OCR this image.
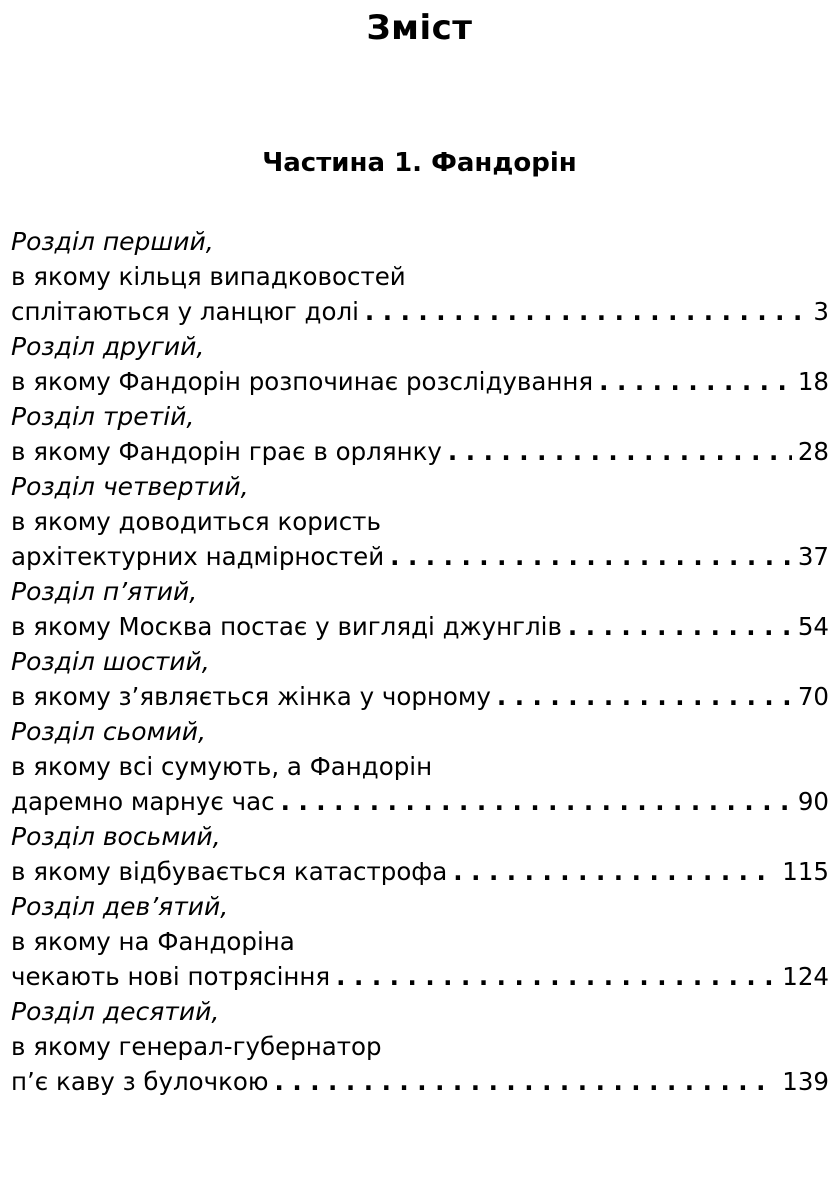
Зміст
Частина 1. Фандорін
Розділ перший,
в якому кільця випадковостей
сплітаються у ланцюг долі . . .	3
Розділ другий,
в якому Фандорін розпочинає розслідування . . .	18
Розділ третій,
в якому Фандорін грає в орлянку . . .	28
Розділ четвертий,
в якому доводиться користь
архітектурних надмірностей . . .	37
Розділ п’ятий,
в якому Москва постає у вигляді джунглів . . .	54
Розділ шостий,
в якому з’являється жінка у чорному . . .	70
Розділ сьомий,
в якому всі сумують, а Фандорін
даремно марнує час . . .	90
Розділ восьмий,
в якому відбувається катастрофа . . .	115
Розділ дев’ятий,
в якому на Фандоріна
чекають нові потрясіння . . .	124
Розділ десятий,
в якому генерал-губернатор
п’є каву з булочкою . . .	139
